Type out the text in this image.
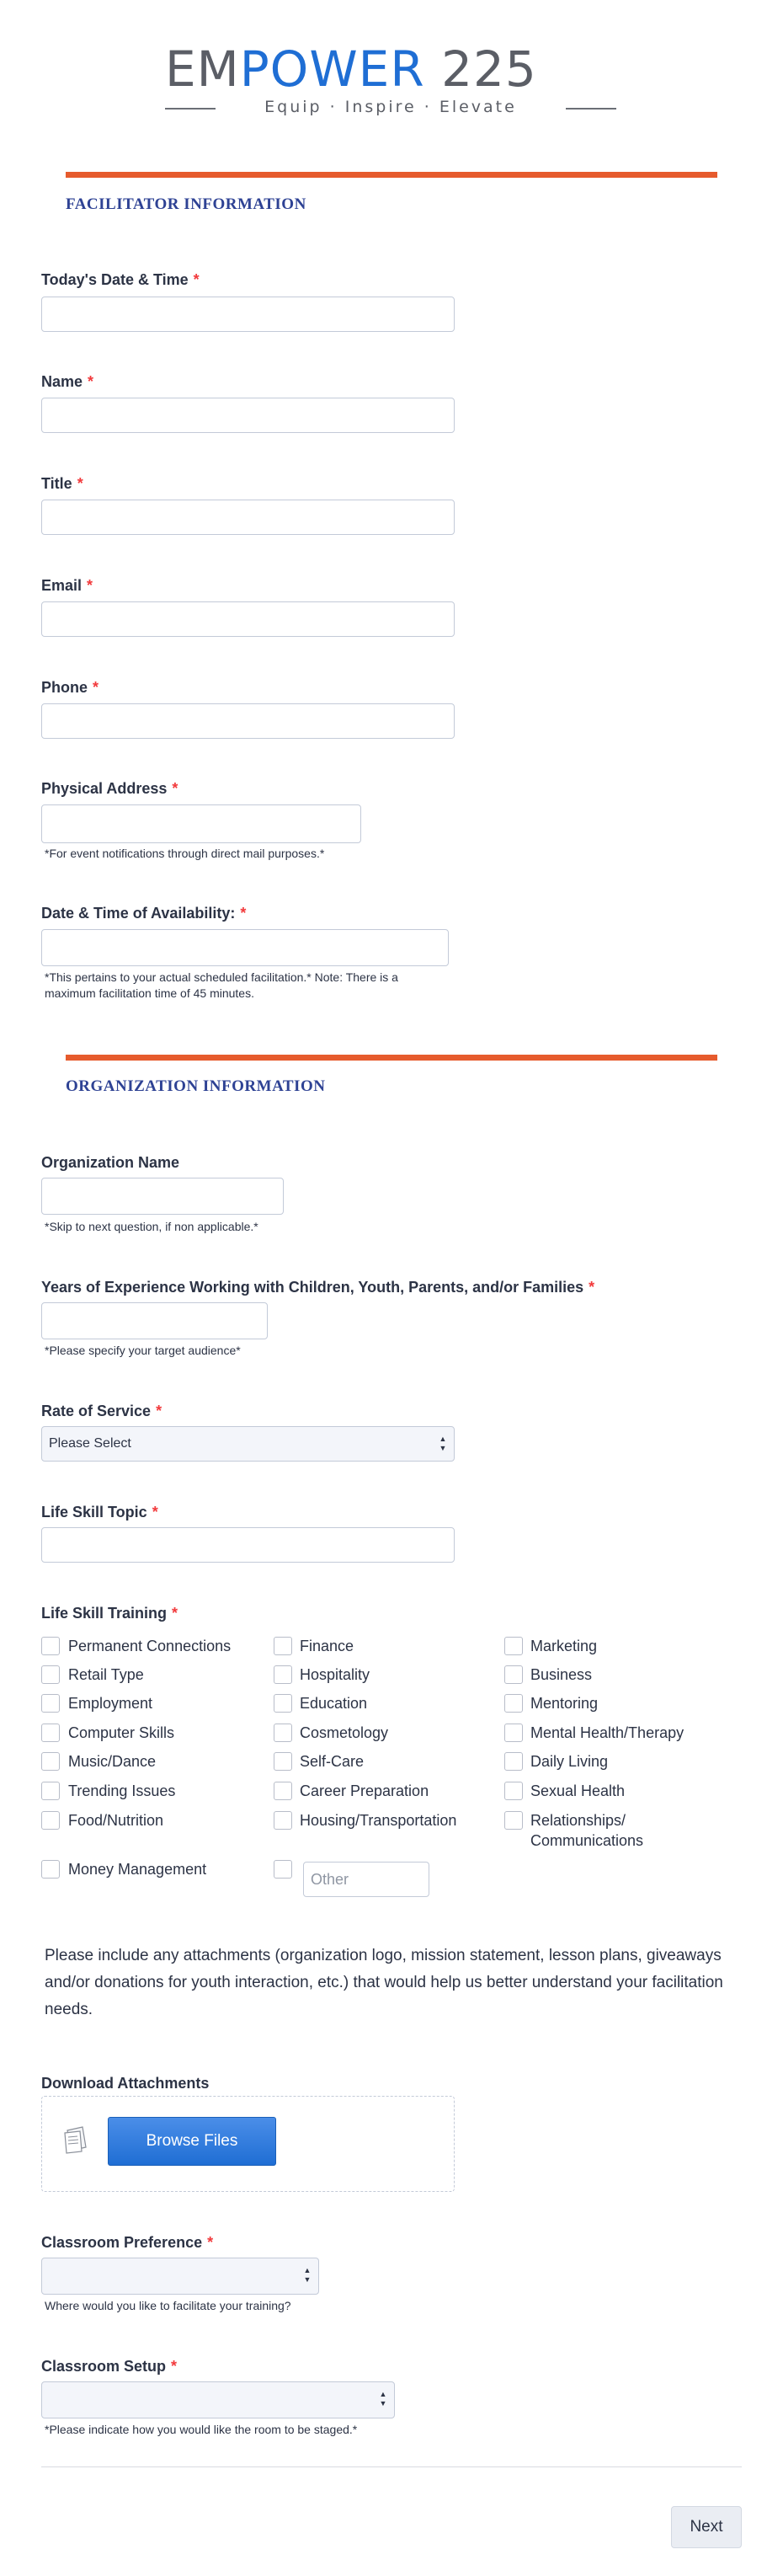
EMPOWER 225
Equip · Inspire · Elevate
FACILITATOR INFORMATION
Today's Date & Time *
Name *
Title *
Email *
Phone *
Physical Address *
*For event notifications through direct mail purposes.*
Date & Time of Availability: *
*This pertains to your actual scheduled facilitation.* Note: There is a
maximum facilitation time of 45 minutes.
ORGANIZATION INFORMATION
Organization Name
*Skip to next question, if non applicable.*
Years of Experience Working with Children, Youth, Parents, and/or Families *
*Please specify your target audience*
Rate of Service *
Please Select	▲
▼
Life Skill Topic *
Life Skill Training *
Permanent Connections
Retail Type
Employment
Computer Skills
Music/Dance
Trending Issues
Food/Nutrition
Finance
Hospitality
Education
Cosmetology
Self-Care
Career Preparation
Housing/Transportation
Marketing
Business
Mentoring
Mental Health/Therapy
Daily Living
Sexual Health
Relationships/
Communications
Money Management
Other
Please include any attachments (organization logo, mission statement, lesson plans, giveaways and/or donations for youth interaction, etc.) that would help us better understand your facilitation needs.
Download Attachments
Browse Files
Classroom Preference *
▲
▼
Where would you like to facilitate your training?
Classroom Setup *
▲
▼
*Please indicate how you would like the room to be staged.*
Next
